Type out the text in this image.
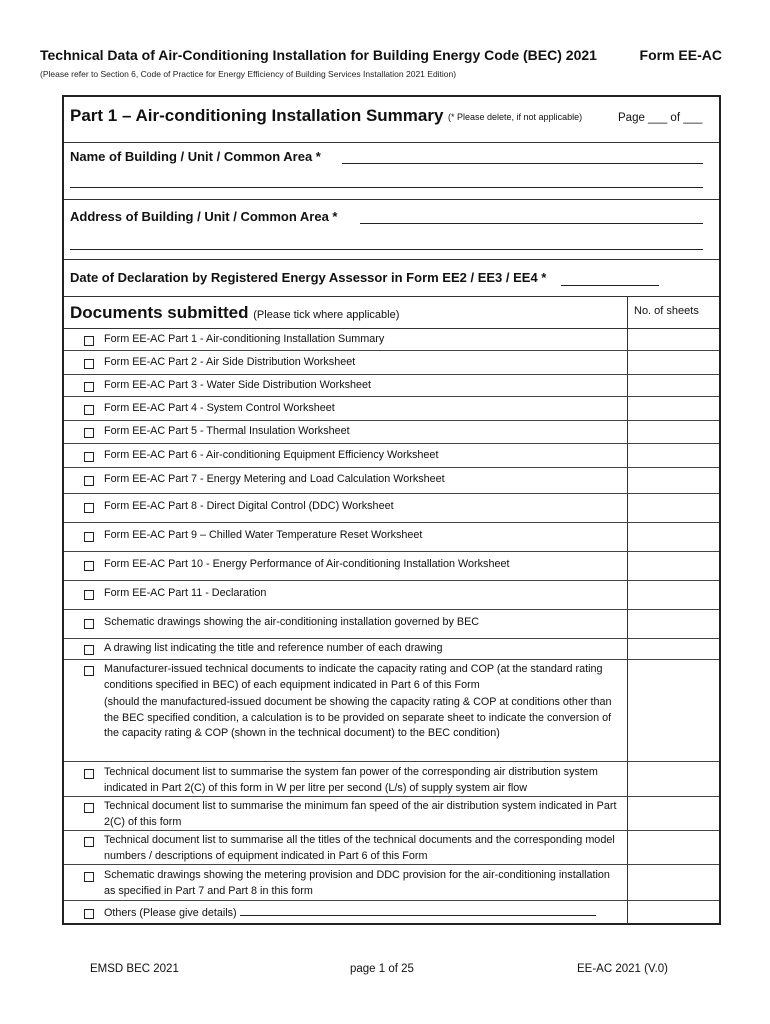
Technical Data of Air-Conditioning Installation for Building Energy Code (BEC) 2021	Form EE-AC
(Please refer to Section 6, Code of Practice for Energy Efficiency of Building Services Installation 2021 Edition)
Part 1 – Air-conditioning Installation Summary (* Please delete, if not applicable)	Page ___ of ___
Name of Building / Unit / Common Area *
Address of Building / Unit / Common Area *
Date of Declaration by Registered Energy Assessor in Form EE2 / EE3 / EE4 *
Documents submitted (Please tick where applicable)	No. of sheets
Form EE-AC Part 1 - Air-conditioning Installation Summary
Form EE-AC Part 2 - Air Side Distribution Worksheet
Form EE-AC Part 3 - Water Side Distribution Worksheet
Form EE-AC Part 4 - System Control Worksheet
Form EE-AC Part 5 - Thermal Insulation Worksheet
Form EE-AC Part 6 - Air-conditioning Equipment Efficiency Worksheet
Form EE-AC Part 7 - Energy Metering and Load Calculation Worksheet
Form EE-AC Part 8 - Direct Digital Control (DDC) Worksheet
Form EE-AC Part 9 – Chilled Water Temperature Reset Worksheet
Form EE-AC Part 10 - Energy Performance of Air-conditioning Installation Worksheet
Form EE-AC Part 11 - Declaration
Schematic drawings showing the air-conditioning installation governed by BEC
A drawing list indicating the title and reference number of each drawing

Manufacturer-issued technical documents to indicate the capacity rating and COP (at the standard rating conditions specified in BEC) of each equipment indicated in Part 6 of this Form

(should the manufactured-issued document be showing the capacity rating & COP at conditions other than the BEC specified condition, a calculation is to be provided on separate sheet to indicate the conversion of the capacity rating & COP (shown in the technical document) to the BEC condition)

Technical document list to summarise the system fan power of the corresponding air distribution system indicated in Part 2(C) of this form in W per litre per second (L/s) of supply system air flow
Technical document list to summarise the minimum fan speed of the air distribution system indicated in Part 2(C) of this form
Technical document list to summarise all the titles of the technical documents and the corresponding model numbers / descriptions of equipment indicated in Part 6 of this Form
Schematic drawings showing the metering provision and DDC provision for the air-conditioning installation as specified in Part 7 and Part 8 in this form
Others (Please give details)
EMSD BEC 2021	page 1 of 25	EE-AC 2021 (V.0)
